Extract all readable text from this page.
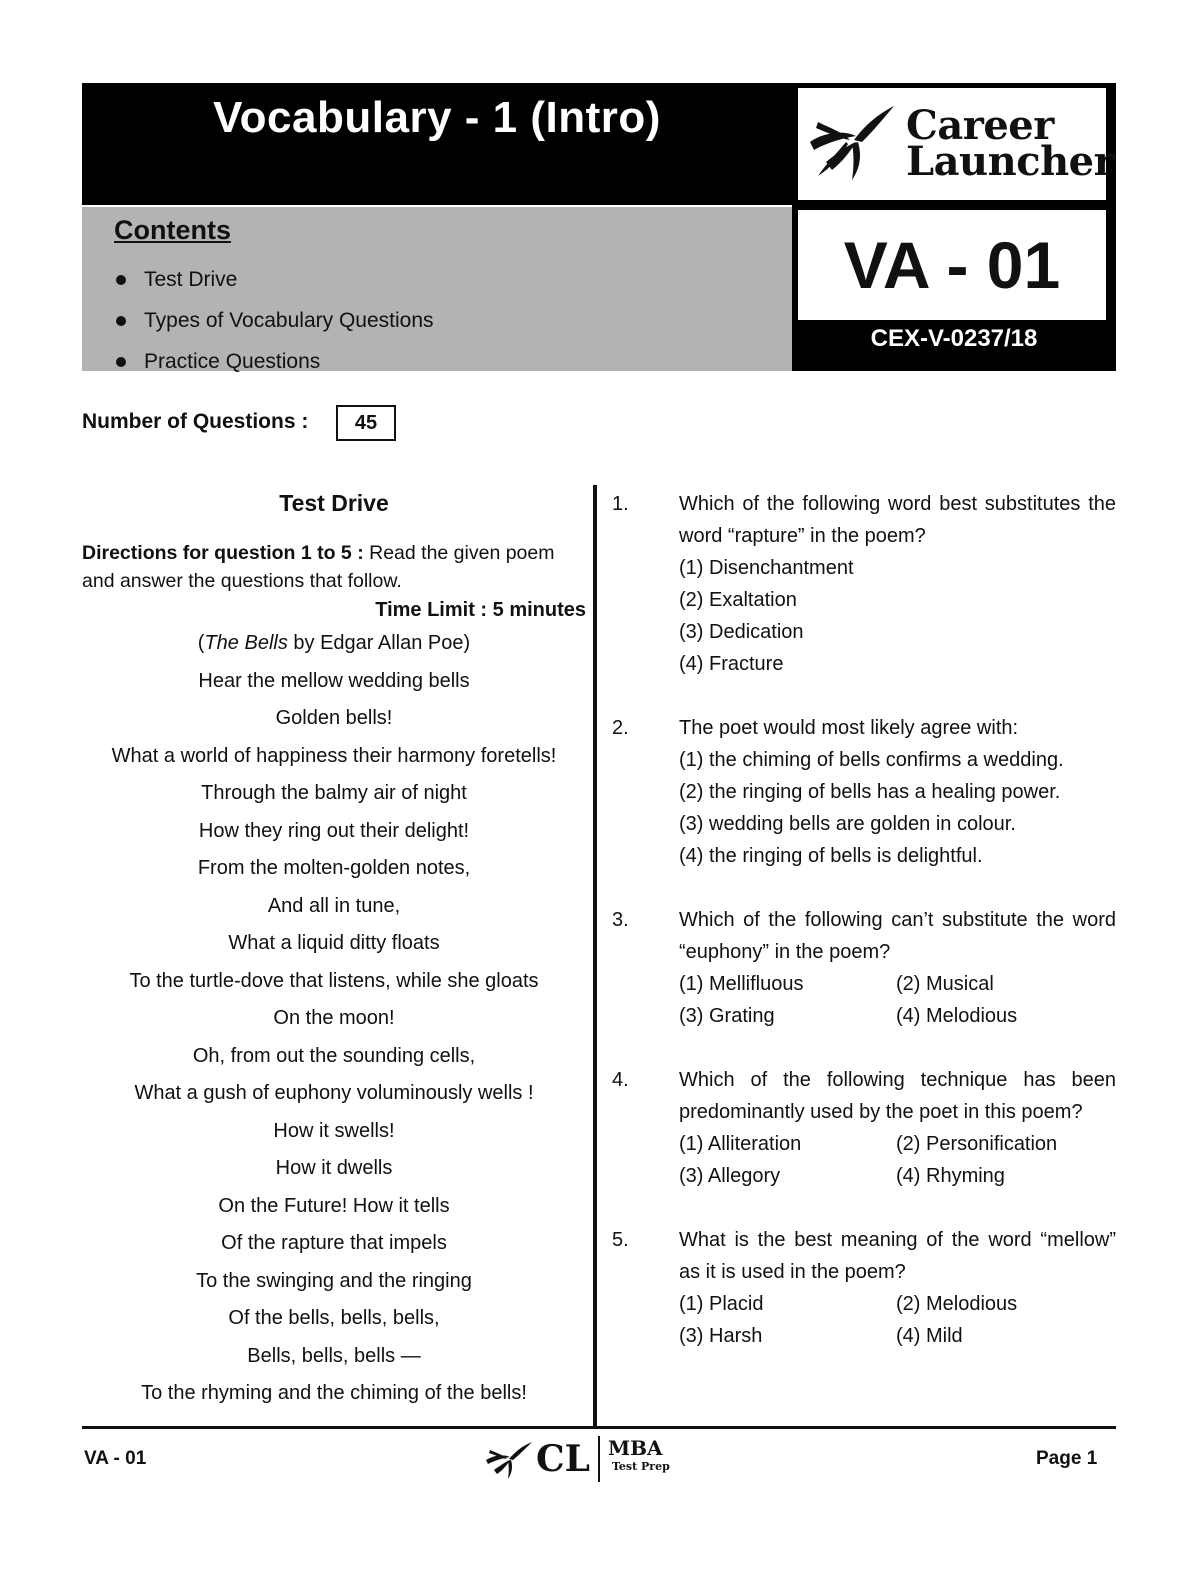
Vocabulary - 1 (Intro)	Career
Launcher
Contents
Test Drive
Types of Vocabulary Questions
Practice Questions
VA - 01
CEX-V-0237/18
Number of Questions :	45
Test Drive
Directions for question 1 to 5 : Read the given poem and answer the questions that follow.
Time Limit : 5 minutes
(The Bells by Edgar Allan Poe)
Hear the mellow wedding bells
Golden bells!
What a world of happiness their harmony foretells!
Through the balmy air of night
How they ring out their delight!
From the molten-golden notes,
And all in tune,
What a liquid ditty floats
To the turtle-dove that listens, while she gloats
On the moon!
Oh, from out the sounding cells,
What a gush of euphony voluminously wells !
How it swells!
How it dwells
On the Future! How it tells
Of the rapture that impels
To the swinging and the ringing
Of the bells, bells, bells,
Bells, bells, bells —
To the rhyming and the chiming of the bells!
1.	Which of the following word best substitutes the word “rapture” in the poem?
(1) Disenchantment
(2) Exaltation
(3) Dedication
(4) Fracture
2.	The poet would most likely agree with:
(1) the chiming of bells confirms a wedding.
(2) the ringing of bells has a healing power.
(3) wedding bells are golden in colour.
(4) the ringing of bells is delightful.
3.	Which of the following can’t substitute the word “euphony” in the poem?
(1) Mellifluous	(2) Musical
(3) Grating	(4) Melodious
4.	Which of the following technique has been predominantly used by the poet in this poem?
(1) Alliteration	(2) Personification
(3) Allegory	(4) Rhyming
5.	What is the best meaning of the word “mellow” as it is used in the poem?
(1) Placid	(2) Melodious
(3) Harsh	(4) Mild
VA - 01	CL MBA
Test Prep	Page 1
